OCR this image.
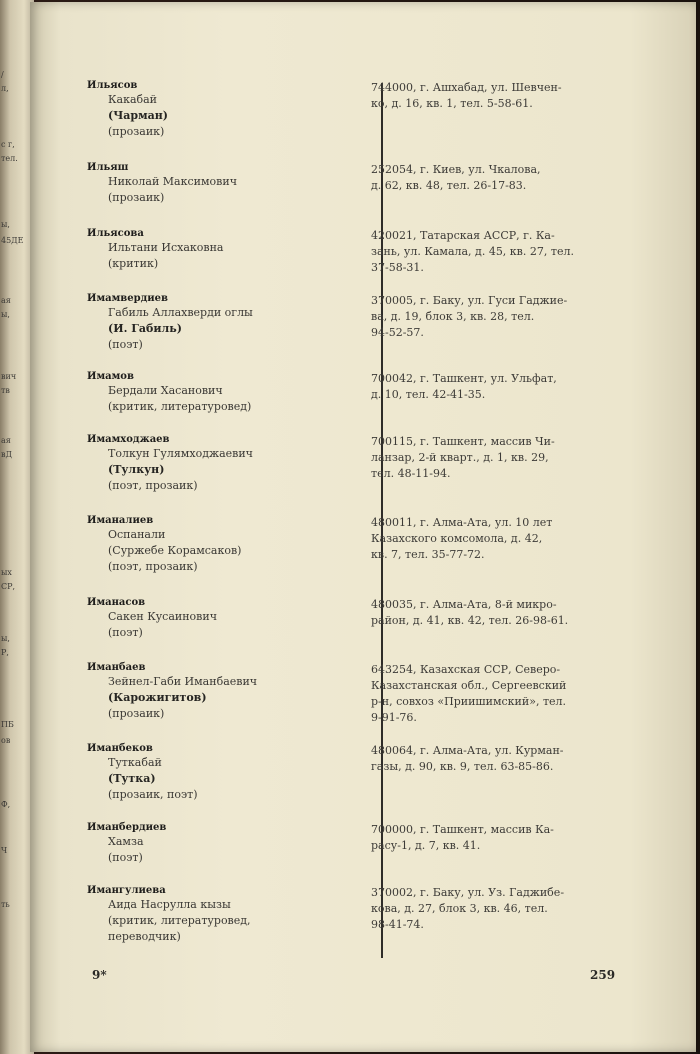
9*	259
Ильясов
Какабай
(Чарман)
(прозаик)
744000, г. Ашхабад, ул. Шевчен-
ко, д. 16, кв. 1, тел. 5-58-61.
Ильяш
Николай Максимович
(прозаик)
252054, г. Киев, ул. Чкалова,
д. 62, кв. 48, тел. 26-17-83.
Ильясова
Ильтани Исхаковна
(критик)
420021, Татарская АССР, г. Ка-
зань, ул. Камала, д. 45, кв. 27, тел.
37-58-31.
Имамвердиев
Габиль Аллахверди оглы
(И. Габиль)
(поэт)
370005, г. Баку, ул. Гуси Гаджие-
ва, д. 19, блок 3, кв. 28, тел.
94-52-57.
Имамов
Бердали Хасанович
(критик, литературовед)
700042, г. Ташкент, ул. Ульфат,
д. 10, тел. 42-41-35.
Имамходжаев
Толкун Гулямходжаевич
(Тулкун)
(поэт, прозаик)
700115, г. Ташкент, массив Чи-
ланзар, 2-й кварт., д. 1, кв. 29,
тел. 48-11-94.
Иманалиев
Оспанали
(Суржебе Корамсаков)
(поэт, прозаик)
480011, г. Алма-Ата, ул. 10 лет
Казахского комсомола, д. 42,
кв. 7, тел. 35-77-72.
Иманасов
Сакен Кусаинович
(поэт)
480035, г. Алма-Ата, 8-й микро-
район, д. 41, кв. 42, тел. 26-98-61.
Иманбаев
Зейнел-Габи Иманбаевич
(Карожигитов)
(прозаик)
643254, Казахская ССР, Северо-
Казахстанская обл., Сергеевский
р-н, совхоз «Приишимский», тел.
9-91-76.
Иманбеков
Туткабай
(Тутка)
(прозаик, поэт)
480064, г. Алма-Ата, ул. Курман-
газы, д. 90, кв. 9, тел. 63-85-86.
Иманбердиев
Хамза
(поэт)
700000, г. Ташкент, массив Ка-
расу-1, д. 7, кв. 41.
Имангулиева
Аида Насрулла кызы
(критик, литературовед,
переводчик)
370002, г. Баку, ул. Уз. Гаджибе-
кова, д. 27, блок 3, кв. 46, тел.
98-41-74.
/
л,
с г,
тел.
ы,
45ДЕ
ая
ы,
вич
тв
ая
вД
ых
СР,
ы,
Р,
ПБ
ов
Ф,
Ч
ть
